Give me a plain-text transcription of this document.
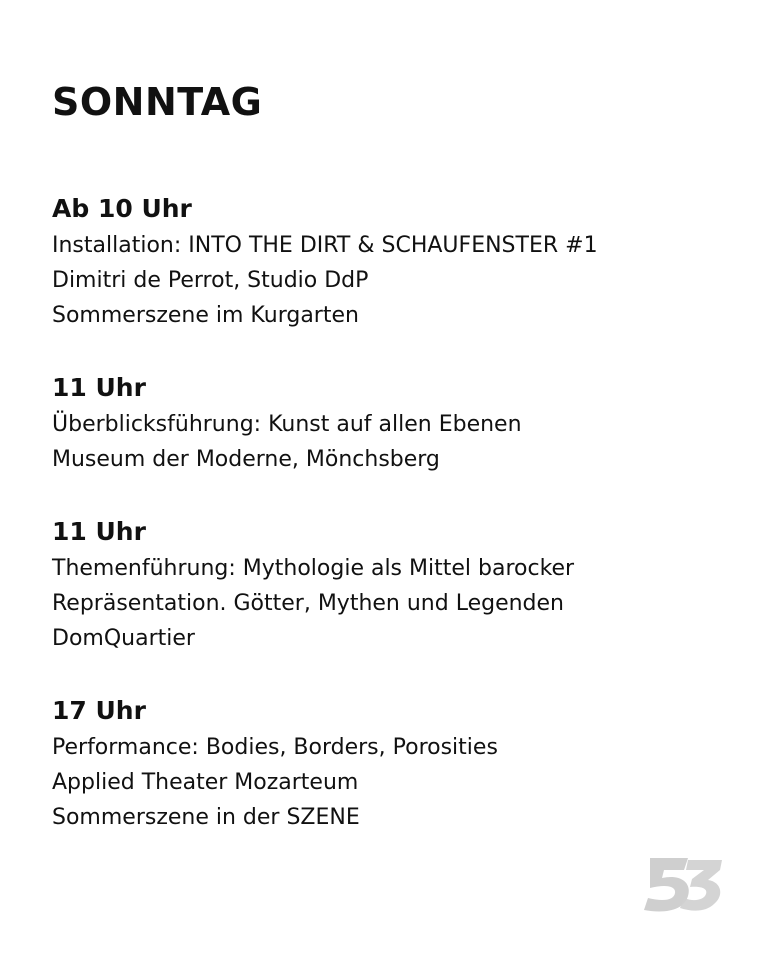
SONNTAG
Ab 10 Uhr
Installation: INTO THE DIRT & SCHAUFENSTER #1
Dimitri de Perrot, Studio DdP
Sommerszene im Kurgarten
11 Uhr
Überblicksführung: Kunst auf allen Ebenen
Museum der Moderne, Mönchsberg
11 Uhr
Themenführung: Mythologie als Mittel barocker
Repräsentation. Götter, Mythen und Legenden
DomQuartier
17 Uhr
Performance: Bodies, Borders, Porosities
Applied Theater Mozarteum
Sommerszene in der SZENE
